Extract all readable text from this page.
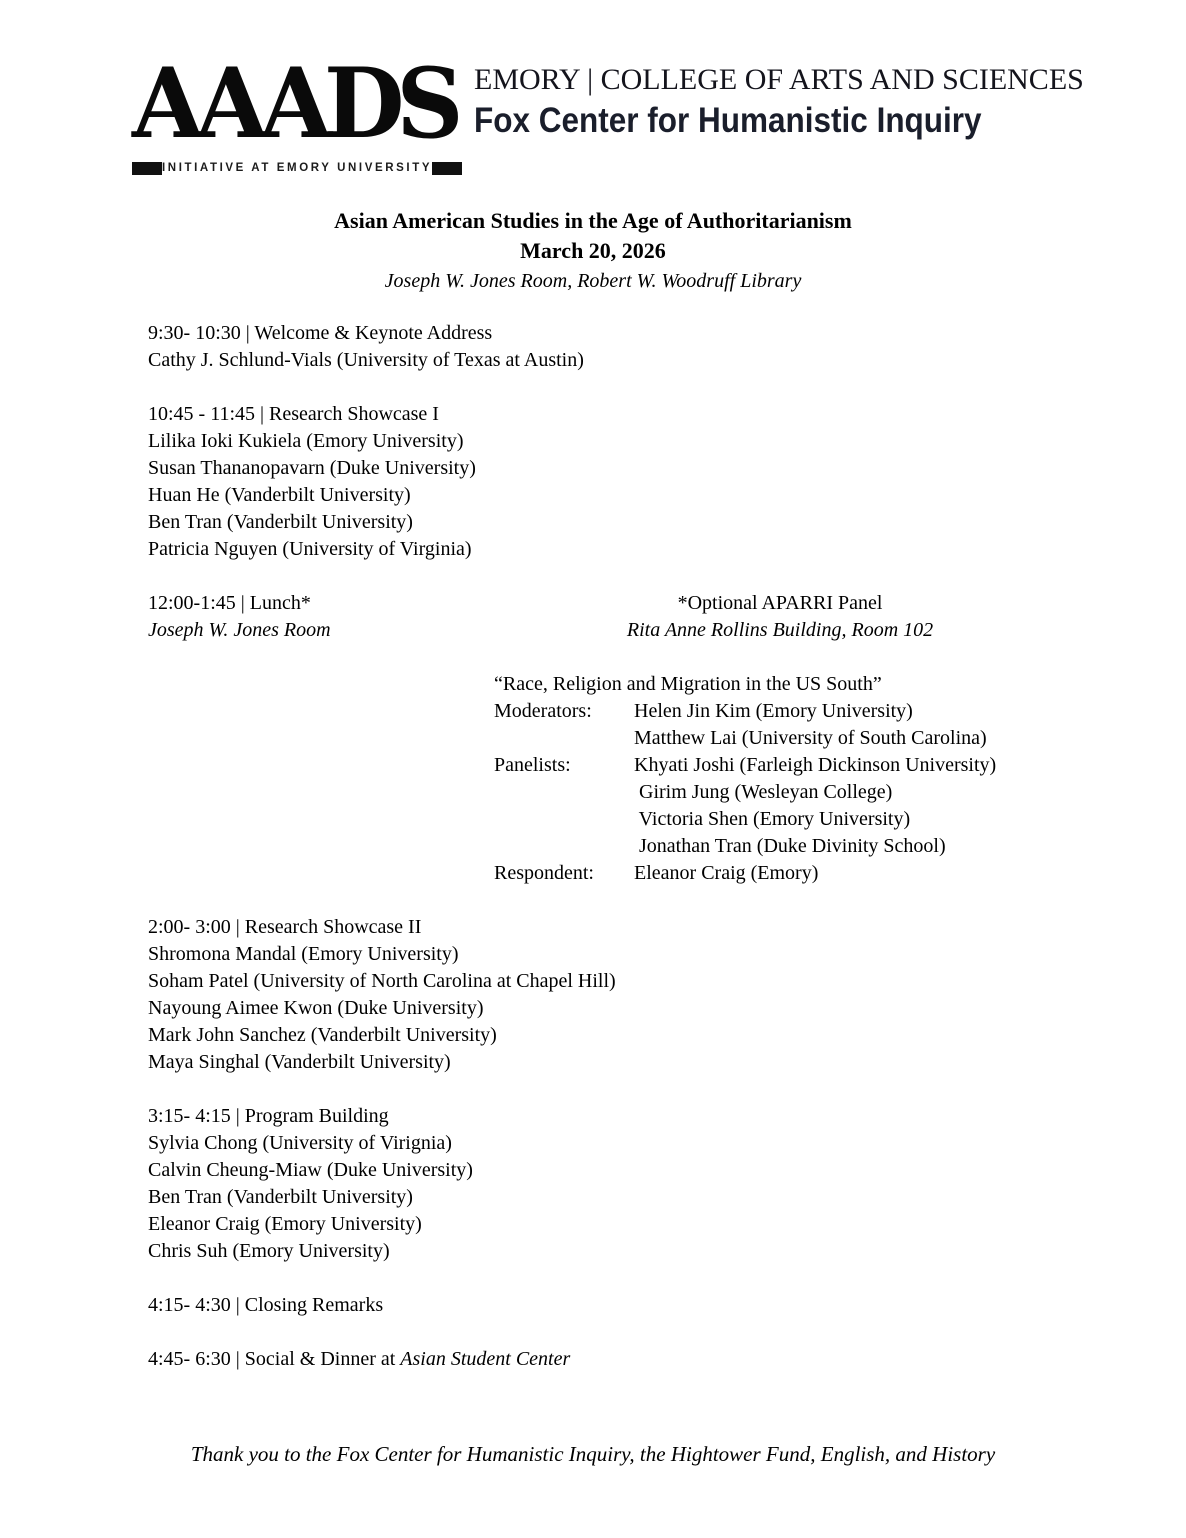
AAADS
INITIATIVE AT EMORY UNIVERSITY
EMORY | COLLEGE OF ARTS AND SCIENCES
Fox Center for Humanistic Inquiry
Asian American Studies in the Age of Authoritarianism
March 20, 2026
Joseph W. Jones Room, Robert W. Woodruff Library

9:30- 10:30 | Welcome & Keynote Address

Cathy J. Schlund-Vials (University of Texas at Austin)

10:45 - 11:45 | Research Showcase I

Lilika Ioki Kukiela (Emory University)

Susan Thananopavarn (Duke University)

Huan He (Vanderbilt University)

Ben Tran (Vanderbilt University)

Patricia Nguyen (University of Virginia)

12:00-1:45 | Lunch*

Joseph W. Jones Room

*Optional APARRI Panel

Rita Anne Rollins Building, Room 102

“Race, Religion and Migration in the US South”

Moderators:	Helen Jin Kim (Emory University)
Matthew Lai (University of South Carolina)
Panelists:	Khyati Joshi (Farleigh Dickinson University)
Girim Jung (Wesleyan College)
Victoria Shen (Emory University)
Jonathan Tran (Duke Divinity School)
Respondent:	Eleanor Craig (Emory)

2:00- 3:00 | Research Showcase II

Shromona Mandal (Emory University)

Soham Patel (University of North Carolina at Chapel Hill)

Nayoung Aimee Kwon (Duke University)

Mark John Sanchez (Vanderbilt University)

Maya Singhal (Vanderbilt University)

3:15- 4:15 | Program Building

Sylvia Chong (University of Virignia)

Calvin Cheung-Miaw (Duke University)

Ben Tran (Vanderbilt University)

Eleanor Craig (Emory University)

Chris Suh (Emory University)

4:15- 4:30 | Closing Remarks

4:45- 6:30 | Social & Dinner at Asian Student Center

Thank you to the Fox Center for Humanistic Inquiry, the Hightower Fund, English, and History
